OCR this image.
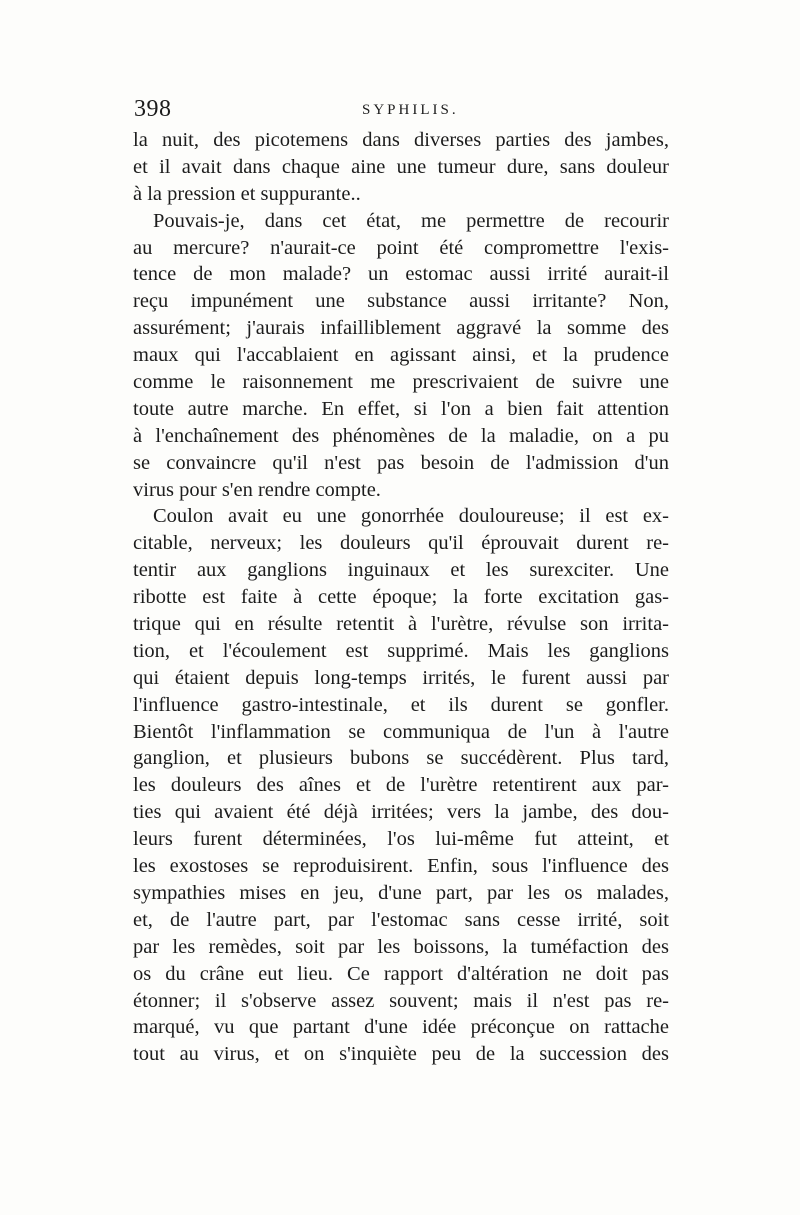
398	SYPHILIS.
la nuit, des picotemens dans diverses parties des jambes,
et il avait dans chaque aine une tumeur dure, sans douleur
à la pression et suppurante..
Pouvais-je, dans cet état, me permettre de recourir
au mercure? n'aurait-ce point été compromettre l'exis-
tence de mon malade? un estomac aussi irrité aurait-il
reçu impunément une substance aussi irritante? Non,
assurément; j'aurais infailliblement aggravé la somme des
maux qui l'accablaient en agissant ainsi, et la prudence
comme le raisonnement me prescrivaient de suivre une
toute autre marche. En effet, si l'on a bien fait attention
à l'enchaînement des phénomènes de la maladie, on a pu
se convaincre qu'il n'est pas besoin de l'admission d'un
virus pour s'en rendre compte.
Coulon avait eu une gonorrhée douloureuse; il est ex-
citable, nerveux; les douleurs qu'il éprouvait durent re-
tentir aux ganglions inguinaux et les surexciter. Une
ribotte est faite à cette époque; la forte excitation gas-
trique qui en résulte retentit à l'urètre, révulse son irrita-
tion, et l'écoulement est supprimé. Mais les ganglions
qui étaient depuis long-temps irrités, le furent aussi par
l'influence gastro-intestinale, et ils durent se gonfler.
Bientôt l'inflammation se communiqua de l'un à l'autre
ganglion, et plusieurs bubons se succédèrent. Plus tard,
les douleurs des aînes et de l'urètre retentirent aux par-
ties qui avaient été déjà irritées; vers la jambe, des dou-
leurs furent déterminées, l'os lui-même fut atteint, et
les exostoses se reproduisirent. Enfin, sous l'influence des
sympathies mises en jeu, d'une part, par les os malades,
et, de l'autre part, par l'estomac sans cesse irrité, soit
par les remèdes, soit par les boissons, la tuméfaction des
os du crâne eut lieu. Ce rapport d'altération ne doit pas
étonner; il s'observe assez souvent; mais il n'est pas re-
marqué, vu que partant d'une idée préconçue on rattache
tout au virus, et on s'inquiète peu de la succession des
